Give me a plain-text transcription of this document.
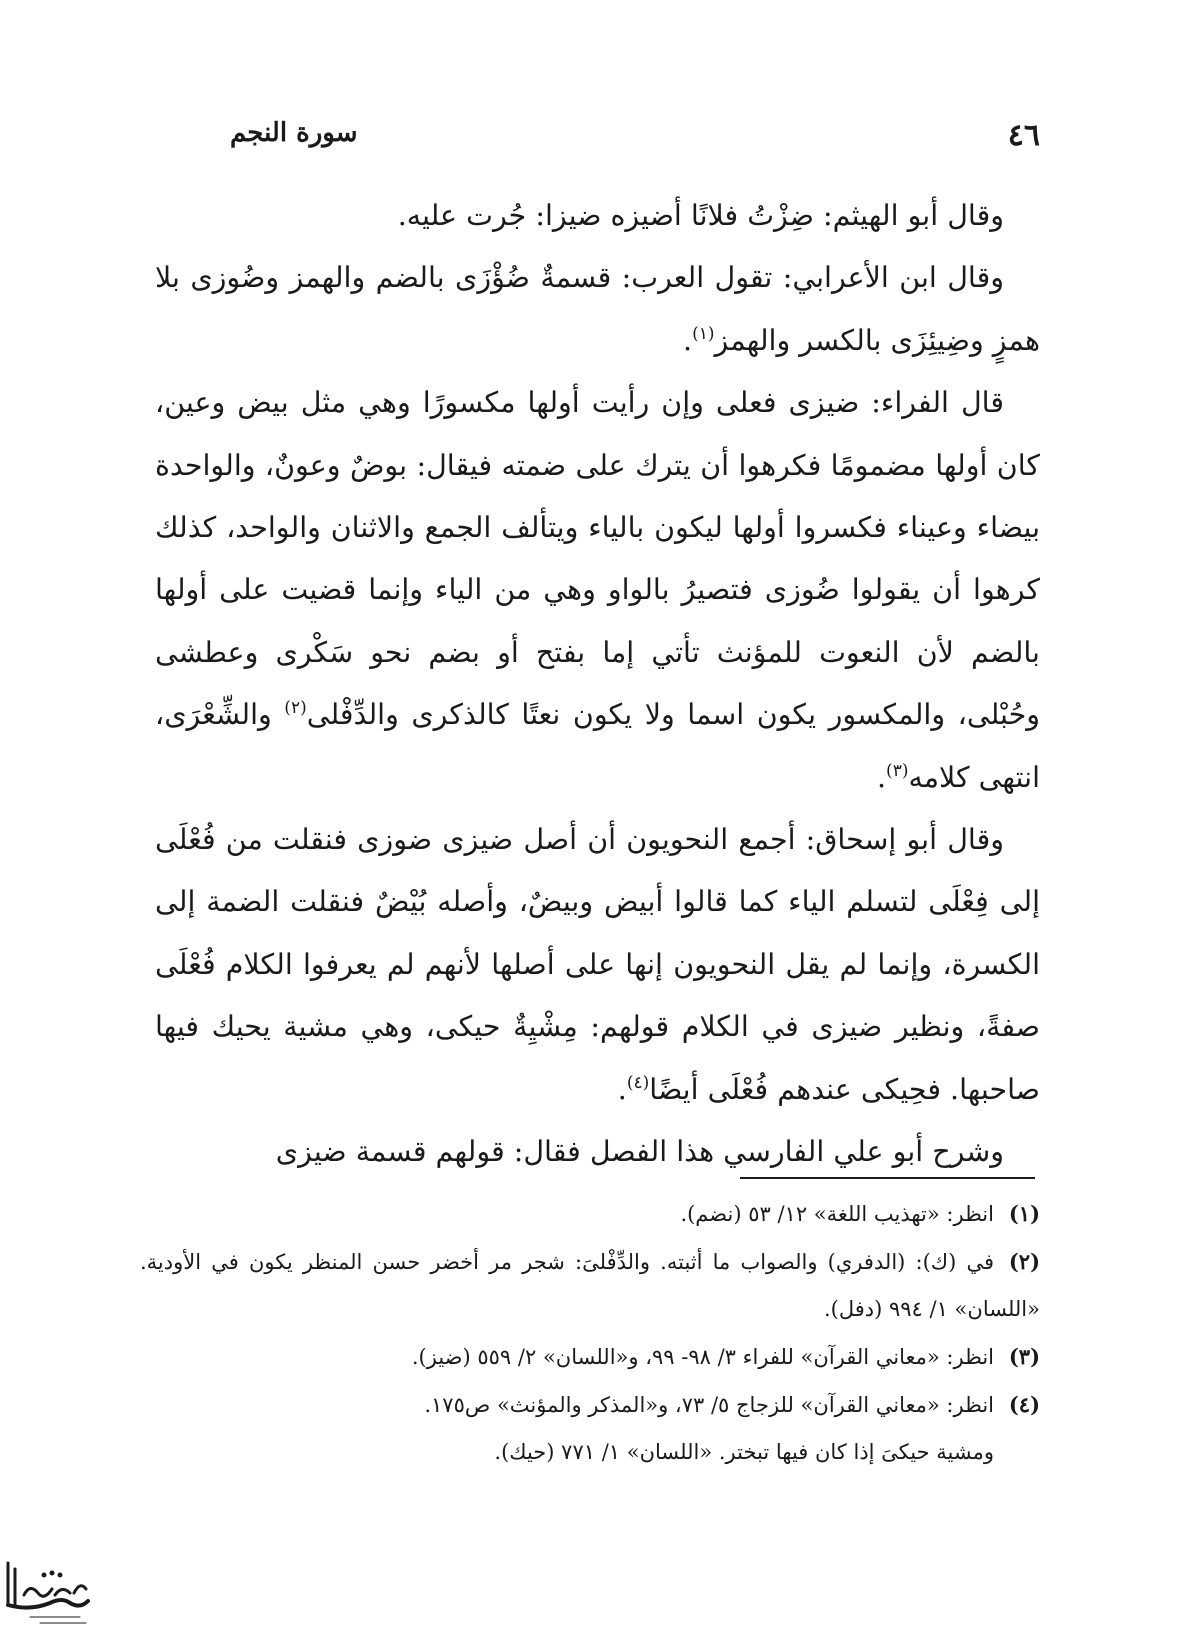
٤٦
سورة النجم

وقال أبو الهيثم: ضِزْتُ فلانًا أضيزه ضيزا: جُرت عليه.

وقال ابن الأعرابي: تقول العرب: قسمةٌ ضُؤْزَى بالضم والهمز وضُوزى بلا همزٍ وضِيئِزَى بالكسر والهمز$^{(١)}$.

قال الفراء: ضيزى فعلى وإن رأيت أولها مكسورًا وهي مثل بيض وعين، كان أولها مضمومًا فكرهوا أن يترك على ضمته فيقال: بوضٌ وعونٌ، والواحدة بيضاء وعيناء فكسروا أولها ليكون بالياء ويتألف الجمع والاثنان والواحد، كذلك كرهوا أن يقولوا ضُوزى فتصيرُ بالواو وهي من الياء وإنما قضيت على أولها بالضم لأن النعوت للمؤنث تأتي إما بفتح أو بضم نحو سَكْرى وعطشى وحُبْلى، والمكسور يكون اسما ولا يكون نعتًا كالذكرى والدِّفْلى$^{(٢)}$ والشِّعْرَى، انتهى كلامه$^{(٣)}$.

وقال أبو إسحاق: أجمع النحويون أن أصل ضيزى ضوزى فنقلت من فُعْلَى إلى فِعْلَى لتسلم الياء كما قالوا أبيض وبيضٌ، وأصله بُيْضٌ فنقلت الضمة إلى الكسرة، وإنما لم يقل النحويون إنها على أصلها لأنهم لم يعرفوا الكلام فُعْلَى صفةً، ونظير ضيزى في الكلام قولهم: مِشْيِةٌ حيكى، وهي مشية يحيك فيها صاحبها. فحِيكى عندهم فُعْلَى أيضًا$^{(٤)}$.

وشرح أبو علي الفارسي هذا الفصل فقال: قولهم قسمة ضيزى

(١)انظر: «تهذيب اللغة» ١٢/ ٥٣ (نضم).

(٢)في (ك): (الدفري) والصواب ما أثبته. والدِّفْلىَ: شجر مر أخضر حسن المنظر يكون في الأودية. «اللسان» ١/ ٩٩٤ (دفل).

(٣)انظر: «معاني القرآن» للفراء ٣/ ٩٨- ٩٩، و«اللسان» ٢/ ٥٥٩ (ضيز).

(٤)انظر: «معاني القرآن» للزجاج ٥/ ٧٣، و«المذكر والمؤنث» ص١٧٥.

ومشية حيكىَ إذا كان فيها تبختر. «اللسان» ١/ ٧٧١ (حيك).
